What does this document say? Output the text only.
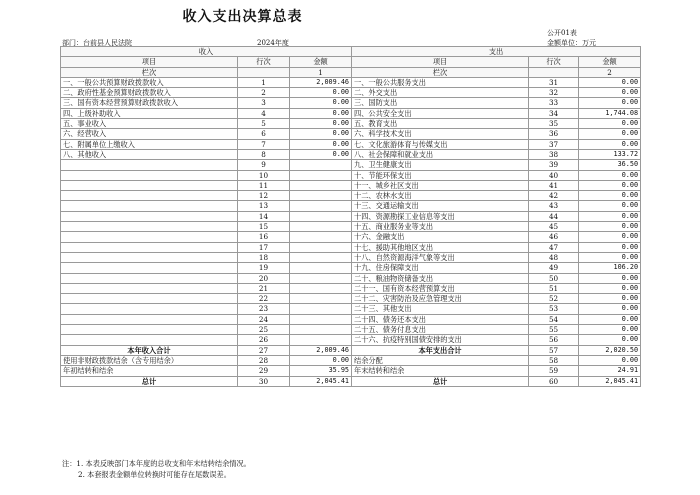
收入支出决算总表
公开01表
部门：台前县人民法院	2024年度	金额单位：万元
收入			支出		
项目	行次	金额	项目	行次	金额
栏次		1	栏次		2
一、一般公共预算财政拨款收入	1	2,009.46	一、一般公共服务支出	31	0.00
二、政府性基金预算财政拨款收入	2	0.00	二、外交支出	32	0.00
三、国有资本经营预算财政拨款收入	3	0.00	三、国防支出	33	0.00
四、上级补助收入	4	0.00	四、公共安全支出	34	1,744.08
五、事业收入	5	0.00	五、教育支出	35	0.00
六、经营收入	6	0.00	六、科学技术支出	36	0.00
七、附属单位上缴收入	7	0.00	七、文化旅游体育与传媒支出	37	0.00
八、其他收入	8	0.00	八、社会保障和就业支出	38	133.72
	9		九、卫生健康支出	39	36.50
	10		十、节能环保支出	40	0.00
	11		十一、城乡社区支出	41	0.00
	12		十二、农林水支出	42	0.00
	13		十三、交通运输支出	43	0.00
	14		十四、资源勘探工业信息等支出	44	0.00
	15		十五、商业服务业等支出	45	0.00
	16		十六、金融支出	46	0.00
	17		十七、援助其他地区支出	47	0.00
	18		十八、自然资源海洋气象等支出	48	0.00
	19		十九、住房保障支出	49	106.20
	20		二十、粮油物资储备支出	50	0.00
	21		二十一、国有资本经营预算支出	51	0.00
	22		二十二、灾害防治及应急管理支出	52	0.00
	23		二十三、其他支出	53	0.00
	24		二十四、债务还本支出	54	0.00
	25		二十五、债务付息支出	55	0.00
	26		二十六、抗疫特别国债安排的支出	56	0.00
本年收入合计	27	2,009.46	本年支出合计	57	2,020.50
使用非财政拨款结余（含专用结余）	28	0.00	结余分配	58	0.00
年初结转和结余	29	35.95	年末结转和结余	59	24.91
总计	30	2,045.41	总计	60	2,045.41
注：1. 本表反映部门本年度的总收支和年末结转结余情况。
2. 本套报表金额单位转换时可能存在尾数误差。
